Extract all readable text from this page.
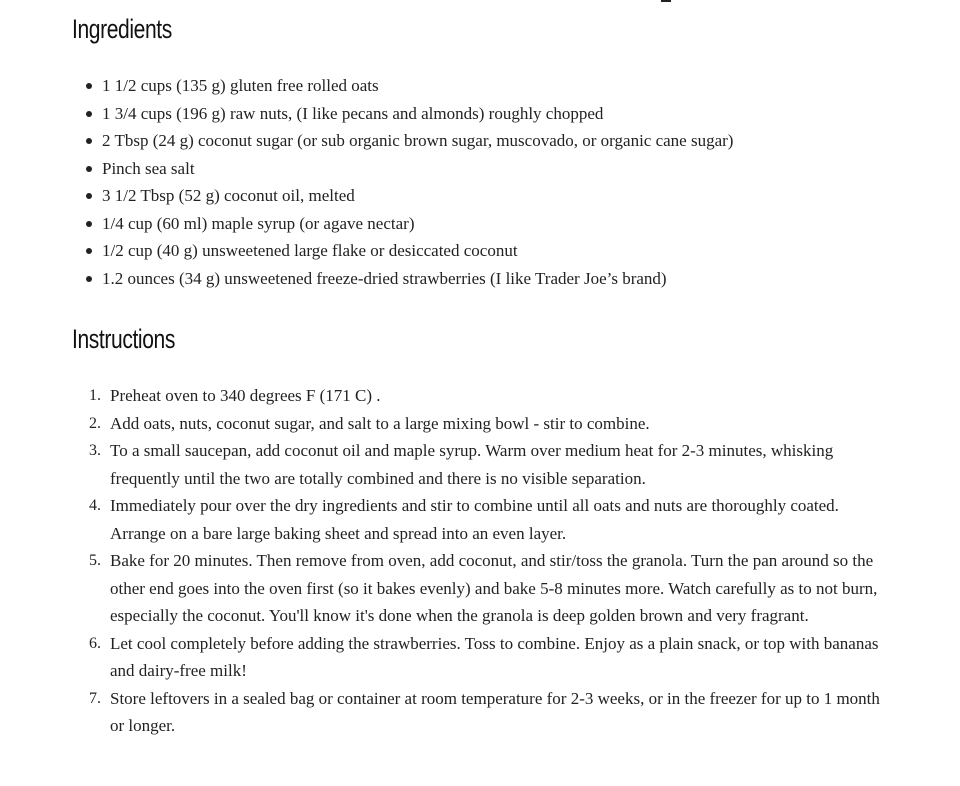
Ingredients
1 1/2 cups (135 g) gluten free rolled oats
1 3/4 cups (196 g) raw nuts, (I like pecans and almonds) roughly chopped
2 Tbsp (24 g) coconut sugar (or sub organic brown sugar, muscovado, or organic cane sugar)
Pinch sea salt
3 1/2 Tbsp (52 g) coconut oil, melted
1/4 cup (60 ml) maple syrup (or agave nectar)
1/2 cup (40 g) unsweetened large flake or desiccated coconut
1.2 ounces (34 g) unsweetened freeze-dried strawberries (I like Trader Joe’s brand)
Instructions
1. Preheat oven to 340 degrees F (171 C) .
2. Add oats, nuts, coconut sugar, and salt to a large mixing bowl - stir to combine.
3. To a small saucepan, add coconut oil and maple syrup. Warm over medium heat for 2-3 minutes, whisking frequently until the two are totally combined and there is no visible separation.
4. Immediately pour over the dry ingredients and stir to combine until all oats and nuts are thoroughly coated. Arrange on a bare large baking sheet and spread into an even layer.
5. Bake for 20 minutes. Then remove from oven, add coconut, and stir/toss the granola. Turn the pan around so the other end goes into the oven first (so it bakes evenly) and bake 5-8 minutes more. Watch carefully as to not burn, especially the coconut. You'll know it's done when the granola is deep golden brown and very fragrant.
6. Let cool completely before adding the strawberries. Toss to combine. Enjoy as a plain snack, or top with bananas and dairy-free milk!
7. Store leftovers in a sealed bag or container at room temperature for 2-3 weeks, or in the freezer for up to 1 month or longer.
